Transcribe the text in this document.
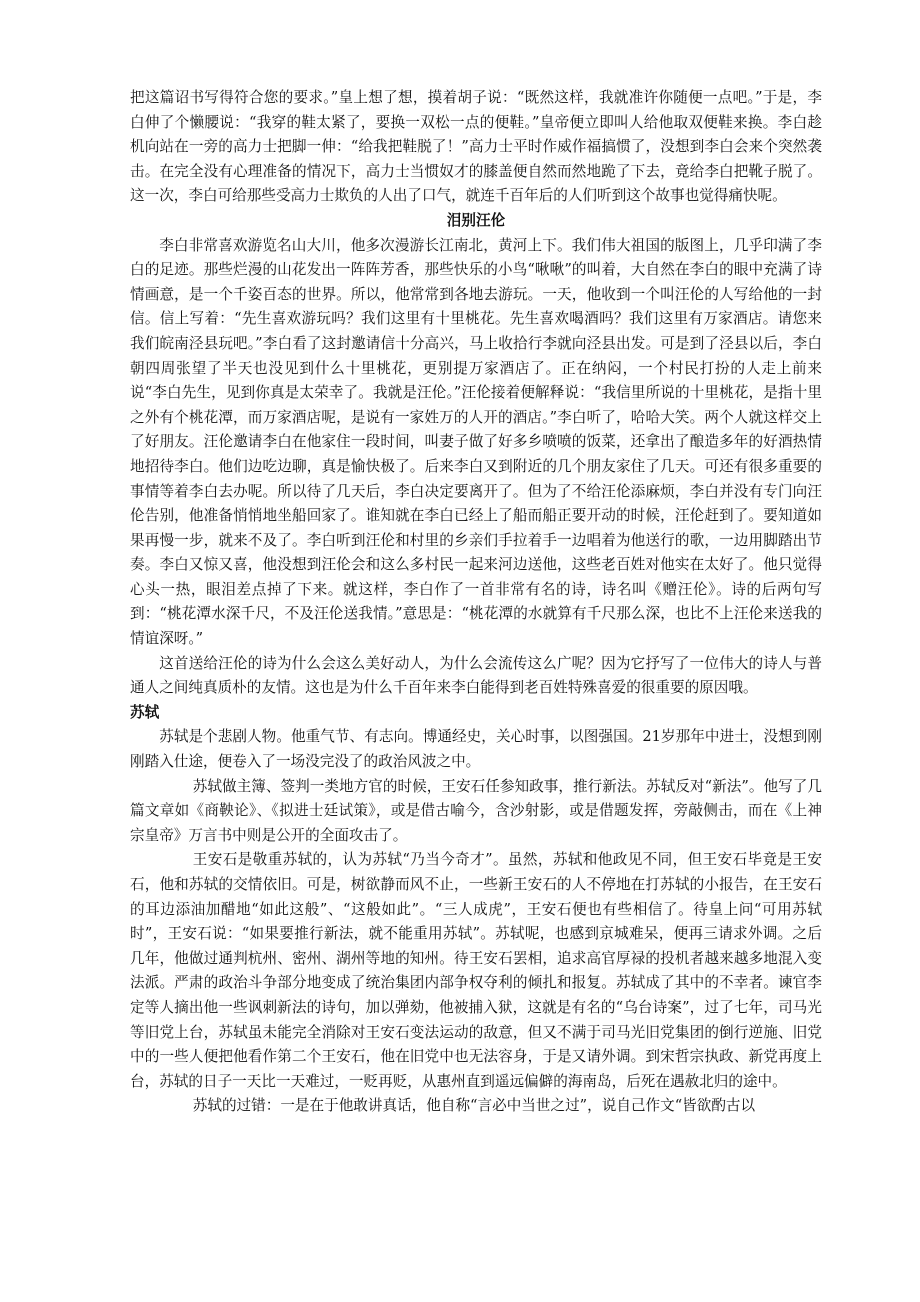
把这篇诏书写得符合您的要求。”皇上想了想，摸着胡子说：“既然这样，我就准许你随便一点吧。”于是，李白伸了个懒腰说：“我穿的鞋太紧了，要换一双松一点的便鞋。”皇帝便立即叫人给他取双便鞋来换。李白趁机向站在一旁的高力士把脚一伸：“给我把鞋脱了！”高力士平时作威作福搞惯了，没想到李白会来个突然袭击。在完全没有心理准备的情况下，高力士当惯奴才的膝盖便自然而然地跪了下去，竟给李白把靴子脱了。这一次，李白可给那些受高力士欺负的人出了口气，就连千百年后的人们听到这个故事也觉得痛快呢。

泪别汪伦

李白非常喜欢游览名山大川，他多次漫游长江南北，黄河上下。我们伟大祖国的版图上，几乎印满了李白的足迹。那些烂漫的山花发出一阵阵芳香，那些快乐的小鸟“啾啾”的叫着，大自然在李白的眼中充满了诗情画意，是一个千姿百态的世界。所以，他常常到各地去游玩。一天，他收到一个叫汪伦的人写给他的一封信。信上写着：“先生喜欢游玩吗？我们这里有十里桃花。先生喜欢喝酒吗？我们这里有万家酒店。请您来我们皖南泾县玩吧。”李白看了这封邀请信十分高兴，马上收拾行李就向泾县出发。可是到了泾县以后，李白朝四周张望了半天也没见到什么十里桃花，更别提万家酒店了。正在纳闷，一个村民打扮的人走上前来说“李白先生，见到你真是太荣幸了。我就是汪伦。”汪伦接着便解释说：“我信里所说的十里桃花，是指十里之外有个桃花潭，而万家酒店呢，是说有一家姓万的人开的酒店。”李白听了，哈哈大笑。两个人就这样交上了好朋友。汪伦邀请李白在他家住一段时间，叫妻子做了好多乡喷喷的饭菜，还拿出了酿造多年的好酒热情地招待李白。他们边吃边聊，真是愉快极了。后来李白又到附近的几个朋友家住了几天。可还有很多重要的事情等着李白去办呢。所以待了几天后，李白决定要离开了。但为了不给汪伦添麻烦，李白并没有专门向汪伦告别，他准备悄悄地坐船回家了。谁知就在李白已经上了船而船正要开动的时候，汪伦赶到了。要知道如果再慢一步，就来不及了。李白听到汪伦和村里的乡亲们手拉着手一边唱着为他送行的歌，一边用脚踏出节奏。李白又惊又喜，他没想到汪伦会和这么多村民一起来河边送他，这些老百姓对他实在太好了。他只觉得心头一热，眼泪差点掉了下来。就这样，李白作了一首非常有名的诗，诗名叫《赠汪伦》。诗的后两句写到：“桃花潭水深千尺，不及汪伦送我情。”意思是：“桃花潭的水就算有千尺那么深，也比不上汪伦来送我的情谊深呀。”

这首送给汪伦的诗为什么会这么美好动人，为什么会流传这么广呢？因为它抒写了一位伟大的诗人与普通人之间纯真质朴的友情。这也是为什么千百年来李白能得到老百姓特殊喜爱的很重要的原因哦。

苏轼

苏轼是个悲剧人物。他重气节、有志向。博通经史，关心时事，以图强国。21岁那年中进士，没想到刚刚踏入仕途，便卷入了一场没完没了的政治风波之中。

苏轼做主簿、签判一类地方官的时候，王安石任参知政事，推行新法。苏轼反对“新法”。他写了几篇文章如《商鞅论》、《拟进士廷试策》，或是借古喻今，含沙射影，或是借题发挥，旁敲侧击，而在《上神宗皇帝》万言书中则是公开的全面攻击了。

王安石是敬重苏轼的，认为苏轼“乃当今奇才”。虽然，苏轼和他政见不同，但王安石毕竟是王安石，他和苏轼的交情依旧。可是，树欲静而风不止，一些新王安石的人不停地在打苏轼的小报告，在王安石的耳边添油加醋地“如此这般”、“这般如此”。“三人成虎”，王安石便也有些相信了。待皇上问“可用苏轼时”，王安石说：“如果要推行新法，就不能重用苏轼”。苏轼呢，也感到京城难呆，便再三请求外调。之后几年，他做过通判杭州、密州、湖州等地的知州。待王安石罢相，追求高官厚禄的投机者越来越多地混入变法派。严肃的政治斗争部分地变成了统治集团内部争权夺利的倾扎和报复。苏轼成了其中的不幸者。谏官李定等人摘出他一些讽刺新法的诗句，加以弹劾，他被捕入狱，这就是有名的“乌台诗案”，过了七年，司马光等旧党上台，苏轼虽未能完全消除对王安石变法运动的敌意，但又不满于司马光旧党集团的倒行逆施、旧党中的一些人便把他看作第二个王安石，他在旧党中也无法容身，于是又请外调。到宋哲宗执政、新党再度上台，苏轼的日子一天比一天难过，一贬再贬，从惠州直到遥远偏僻的海南岛，后死在遇赦北归的途中。

苏轼的过错：一是在于他敢讲真话，他自称“言必中当世之过”，说自己作文“皆欲酌古以
